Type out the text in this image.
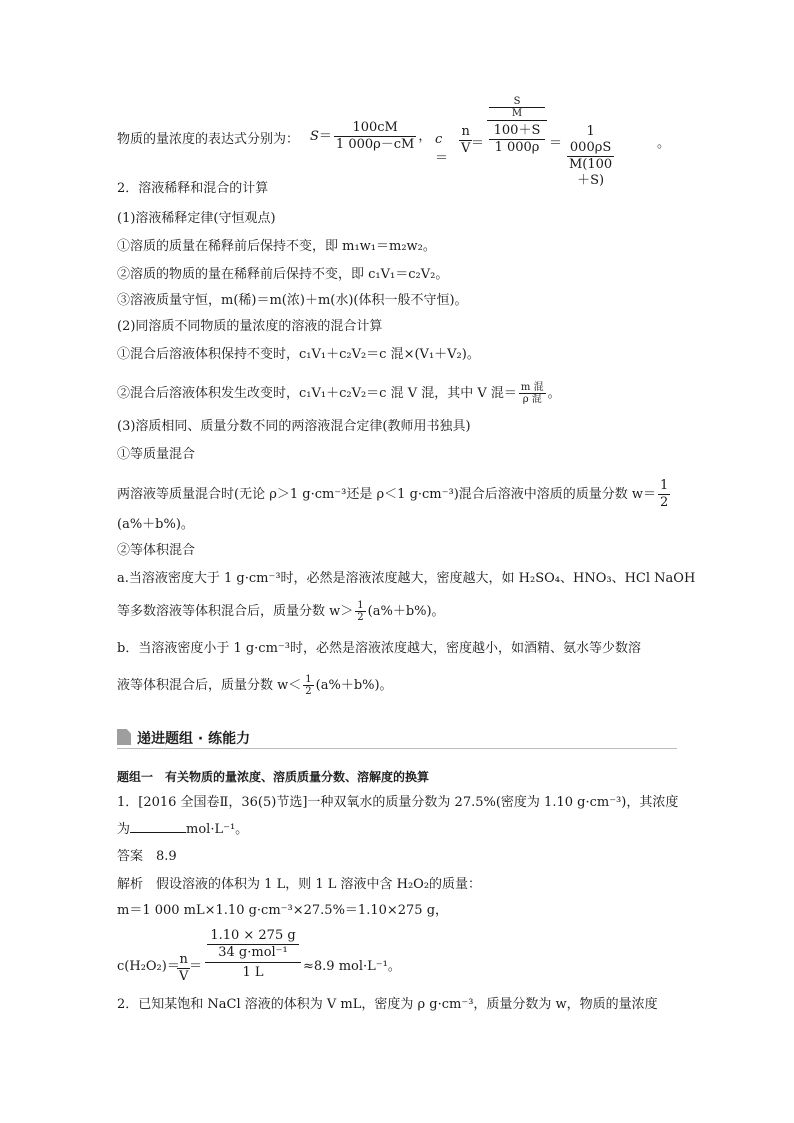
物质的量浓度的表达式分别为： $S= \frac{100cM}{1 000\rho-cM}$ ， c＝
$\frac{n}{V}$
＝
S
M
100＋S
1 $000\rho = \frac{1 000\rho S}{M(100+S)}$	。
2．溶液稀释和混合的计算
(1)溶液稀释定律(守恒观点)
①溶质的质量在稀释前后保持不变，即 m₁w₁＝m₂w₂。
②溶质的物质的量在稀释前后保持不变，即 c₁V₁＝c₂V₂。
③溶液质量守恒，m(稀)＝m(浓)＋m(水)(体积一般不守恒)。
(2)同溶质不同物质的量浓度的溶液的混合计算
①混合后溶液体积保持不变时，c₁V₁＋c₂V₂＝c 混×(V₁＋V₂)。
②混合后溶液体积发生改变时，c₁V₁＋c₂V₂＝c 混 V 混，其中 V 混＝ $\frac{\text{m 混}}{\text{ρ 混}}$ 。
(3)溶质相同、质量分数不同的两溶液混合定律(教师用书独具)
①等质量混合
两溶液等质量混合时(无论 ρ＞1 g·cm⁻³还是 ρ＜1 g·cm⁻³)混合后溶液中溶质的质量分数 $w= \frac{1}{2}$
(a%＋b%)。
②等体积混合
a.当溶液密度大于 1 g·cm⁻³时，必然是溶液浓度越大，密度越大，如 H₂SO₄、HNO₃、HCl NaOH
等多数溶液等体积混合后，质量分数 $w> \frac{1}{2} (a\%+b\%)$。
b．当溶液密度小于 1 g·cm⁻³时，必然是溶液浓度越大，密度越小，如酒精、氨水等少数溶
液等体积混合后，质量分数 $w< \frac{1}{2} (a\%+b\%)$。
递进题组 · 练能力
题组一　有关物质的量浓度、溶质质量分数、溶解度的换算
1．[2016 全国卷Ⅱ，36(5)节选]一种双氧水的质量分数为 27.5%(密度为 1.10 g·cm⁻³)，其浓度
为	mol·L⁻¹。
答案　 8.9
解析　 假设溶液的体积为 1 L，则 1 L 溶液中含 H₂O₂的质量：
m＝1 000 mL×1.10 g·cm⁻³×27.5%＝1.10×275 g，
c(H₂O₂)＝
$\frac{n}{V}$
＝
1.10 × 275 g
34 g·mol⁻¹
1 L	≈8.9 mol·L⁻¹。
2．已知某饱和 NaCl 溶液的体积为 V mL，密度为 ρ g·cm⁻³，质量分数为 w，物质的量浓度
